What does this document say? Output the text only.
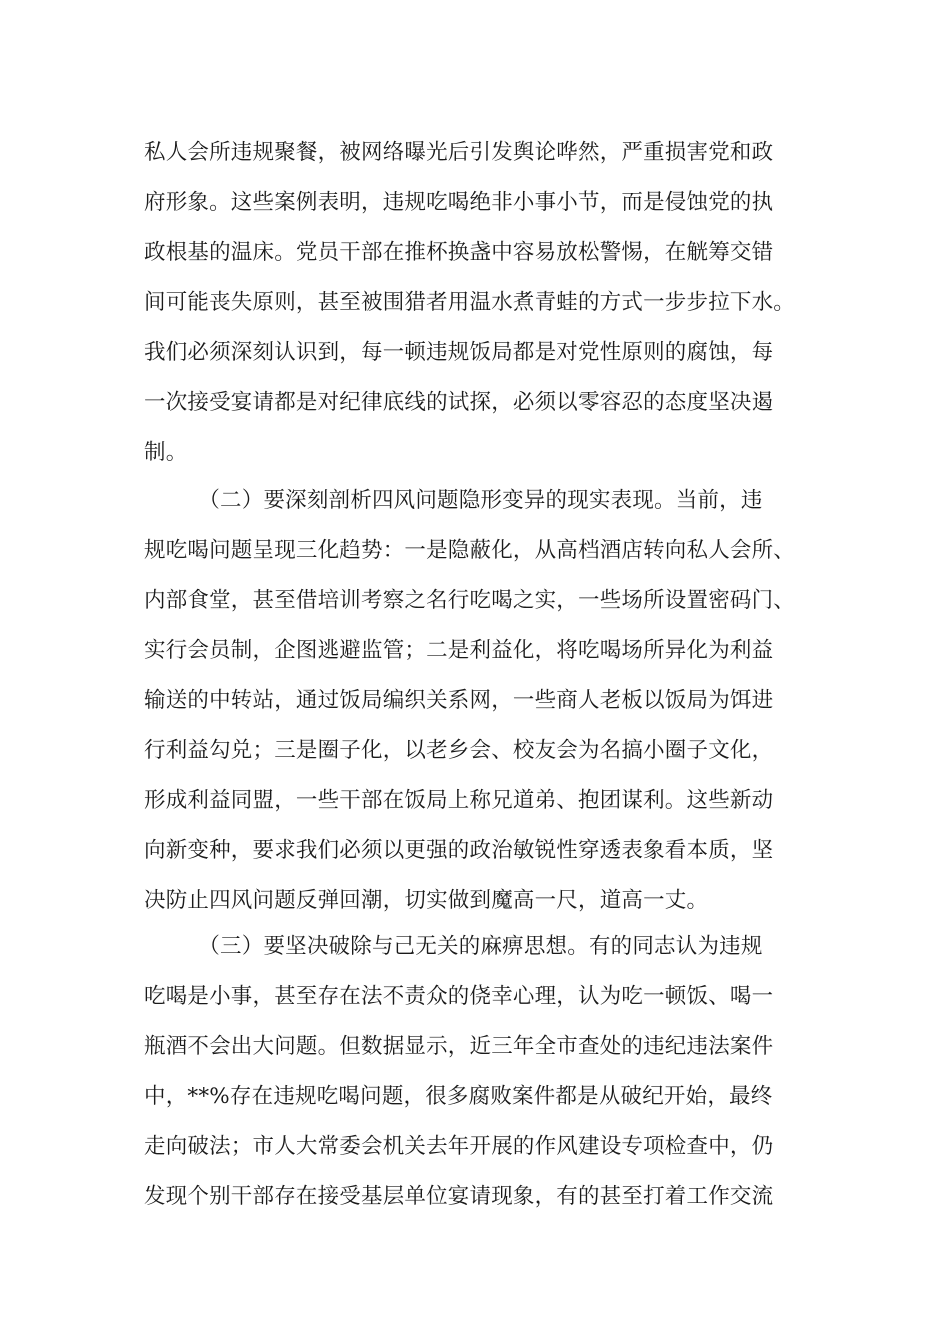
私人会所违规聚餐，被网络曝光后引发舆论哗然，严重损害党和政
府形象。这些案例表明，违规吃喝绝非小事小节，而是侵蚀党的执
政根基的温床。党员干部在推杯换盏中容易放松警惕，在觥筹交错
间可能丧失原则，甚至被围猎者用温水煮青蛙的方式一步步拉下水。
我们必须深刻认识到，每一顿违规饭局都是对党性原则的腐蚀，每
一次接受宴请都是对纪律底线的试探，必须以零容忍的态度坚决遏
制。
　　　（二）要深刻剖析四风问题隐形变异的现实表现。当前，违
规吃喝问题呈现三化趋势：一是隐蔽化，从高档酒店转向私人会所、
内部食堂，甚至借培训考察之名行吃喝之实，一些场所设置密码门、
实行会员制，企图逃避监管；二是利益化，将吃喝场所异化为利益
输送的中转站，通过饭局编织关系网，一些商人老板以饭局为饵进
行利益勾兑；三是圈子化，以老乡会、校友会为名搞小圈子文化，
形成利益同盟，一些干部在饭局上称兄道弟、抱团谋利。这些新动
向新变种，要求我们必须以更强的政治敏锐性穿透表象看本质，坚
决防止四风问题反弹回潮，切实做到魔高一尺，道高一丈。
　　　（三）要坚决破除与己无关的麻痹思想。有的同志认为违规
吃喝是小事，甚至存在法不责众的侥幸心理，认为吃一顿饭、喝一
瓶酒不会出大问题。但数据显示，近三年全市查处的违纪违法案件
中，**%存在违规吃喝问题，很多腐败案件都是从破纪开始，最终
走向破法；市人大常委会机关去年开展的作风建设专项检查中，仍
发现个别干部存在接受基层单位宴请现象，有的甚至打着工作交流
